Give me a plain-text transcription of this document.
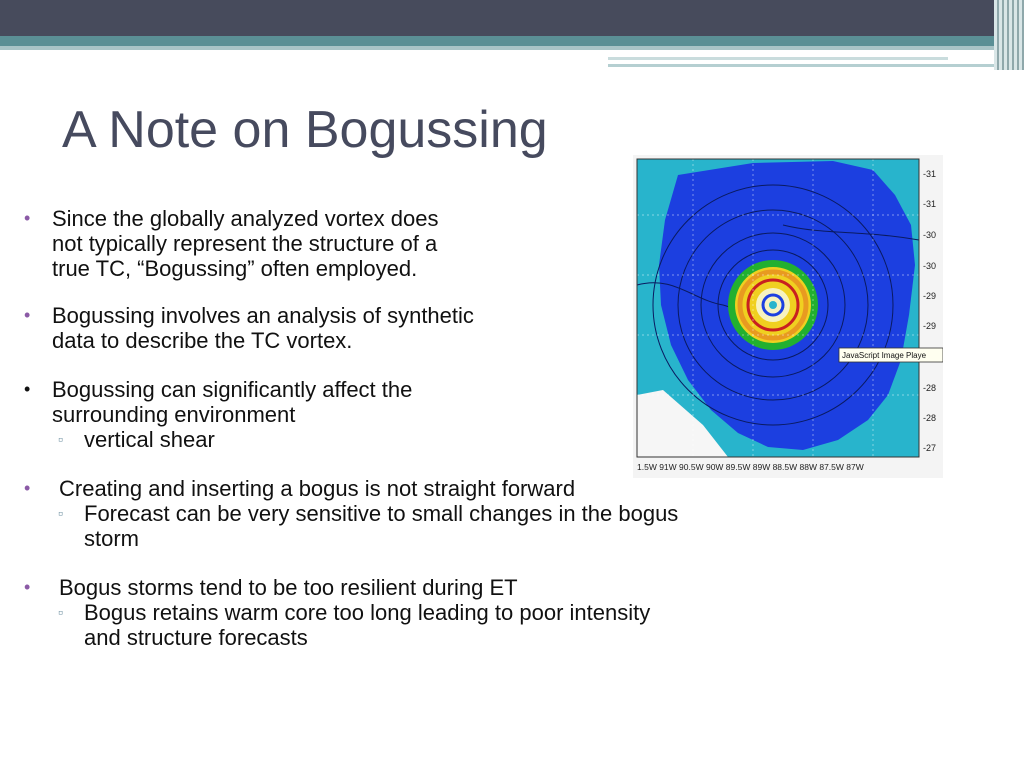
A Note on Bogussing
• Since the globally analyzed vortex does not typically represent the structure of a true TC, “Bogussing” often employed.
• Bogussing involves an analysis of synthetic data to describe the TC vortex.
• Bogussing can significantly affect the surrounding environment
▫ vertical shear
• Creating and inserting a bogus is not straight forward
▫ Forecast can be very sensitive to small changes in the bogus storm
• Bogus storms tend to be too resilient during ET
▫ Bogus retains warm core too long leading to poor intensity and structure forecasts
JavaScript Image Playe
-31
-31
-30
-30
-29
-29
-28
-28
-27
1.5W 91W 90.5W 90W 89.5W 89W 88.5W 88W 87.5W 87W
